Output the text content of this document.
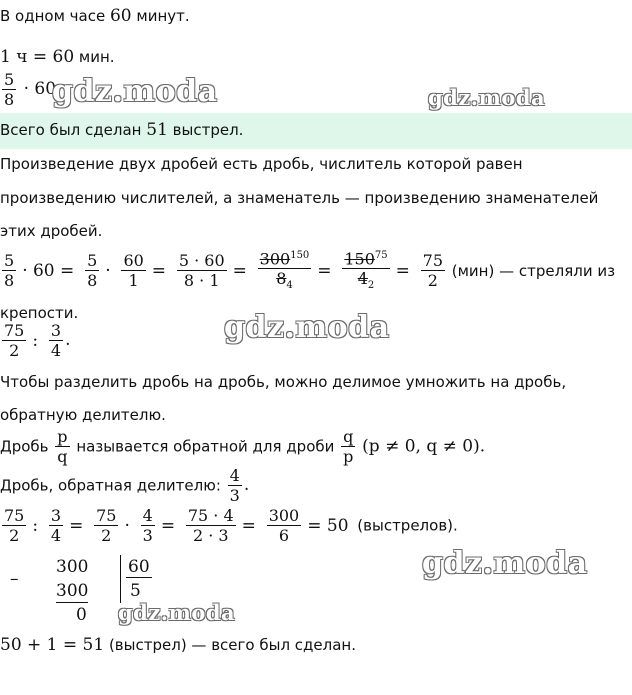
В одном часе 60 минут.
1 ч = 60 мин.
$\frac{5}{8} \cdot 60$.
Всего был сделан 51 выстрел.
Произведение двух дробей есть дробь, числитель которой равен
произведению числителей, а знаменатель — произведению знаменателей
этих дробей.
$\frac{5}{8} \cdot 60 = \frac{5}{8} \cdot \frac{60}{1} = \frac{5 \cdot 60}{8 \cdot 1} = \frac{300^{150}}{8_4} = \frac{150^{75}}{4_2} = \frac{75}{2} (мин)$ — стреляли из
крепости.
$\frac{75}{2}$ : $\frac{3}{4}$ .
Чтобы разделить дробь на дробь, можно делимое умножить на дробь,
обратную делителю.
Дробь $\frac{p}{q}$ называется обратной для дроби $\frac{q}{p} (p \ne 0$, q ≠ 0).
Дробь, обратная делителю: $\frac{4}{3}$ .
$\frac{75}{2}$ : $\frac{3}{4} = \frac{75}{2} \cdot \frac{4}{3} = \frac{75 \cdot 4}{2 \cdot 3} = \frac{300}{6} = 50$ (выстрелов).
–
300
300
0
60
5
50 + 1 = 51 (выстрел) — всего был сделан.
gdz.moda	gdz.moda
gdz.moda
gdz.moda
gdz.moda
